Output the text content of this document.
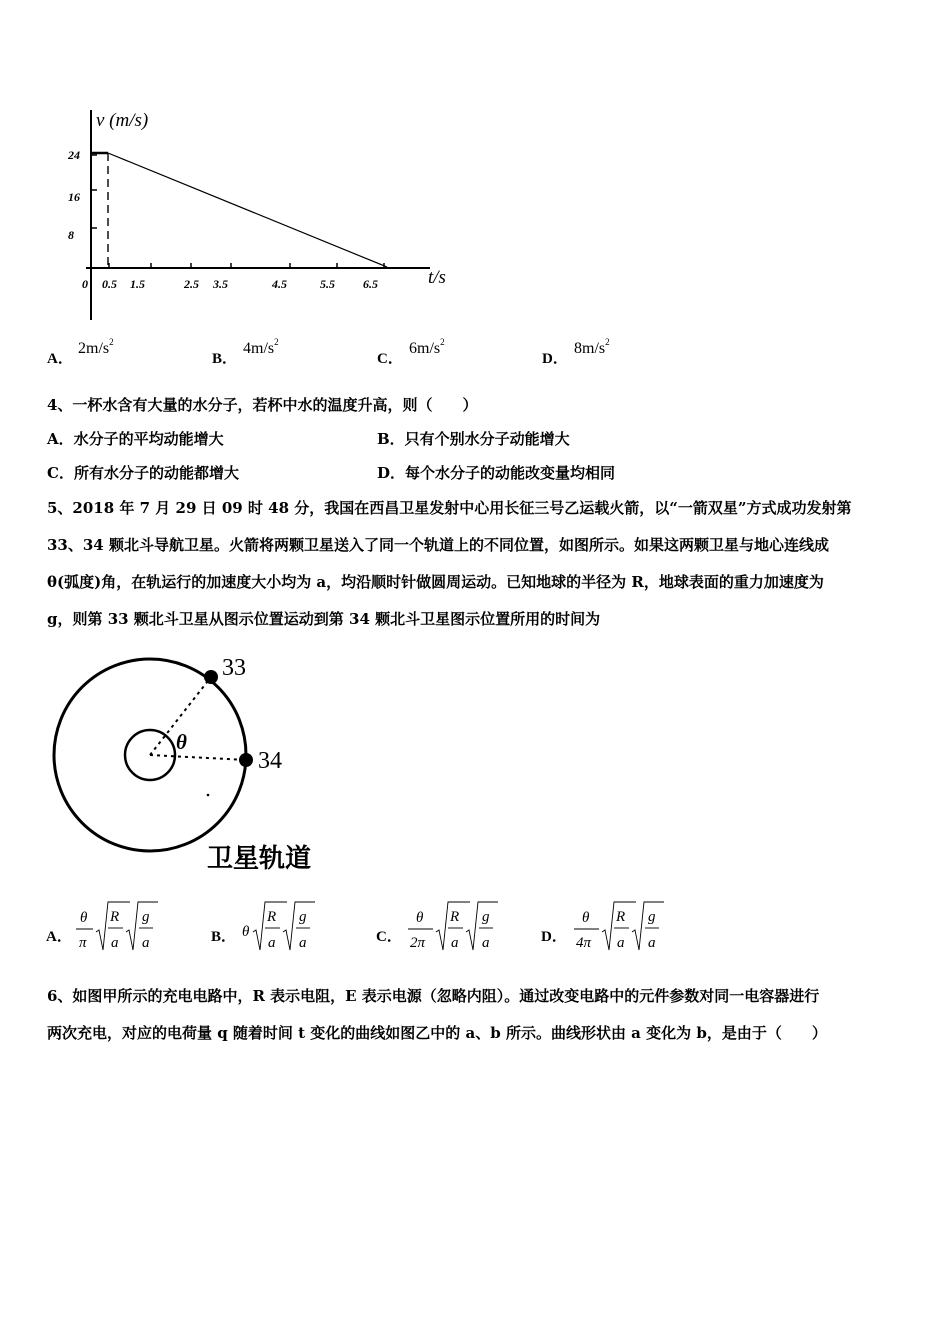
v (m/s)
t/s
0
24
16
8
0.5 1.5	2.5 3.5	4.5	5.5 6.5
A．
$2m/s^2$
B．
$4m/s^2$
C．
$6m/s^2$
D．
$8m/s^2$
4、一杯水含有大量的水分子，若杯中水的温度升高，则（　　）
A．水分子的平均动能增大	B．只有个别水分子动能增大
C．所有水分子的动能都增大	D．每个水分子的动能改变量均相同
5、2018 年 7 月 29 日 09 时 48 分，我国在西昌卫星发射中心用长征三号乙运载火箭，以“一箭双星”方式成功发射第
33、34 颗北斗导航卫星。火箭将两颗卫星送入了同一个轨道上的不同位置，如图所示。如果这两颗卫星与地心连线成
θ(弧度)角，在轨运行的加速度大小均为 a，均沿顺时针做圆周运动。已知地球的半径为 R，地球表面的重力加速度为
g，则第 33 颗北斗卫星从图示位置运动到第 34 颗北斗卫星图示位置所用的时间为
33
34
θ
卫星轨道
A．
θ
π
R
a
g
a	B． θ
R
a
g
a	C．
θ
2π
R
a
g
a	D．
θ
4π
R
a
g
a
6、如图甲所示的充电电路中，R 表示电阻，E 表示电源（忽略内阻）。通过改变电路中的元件参数对同一电容器进行
两次充电，对应的电荷量 q 随着时间 t 变化的曲线如图乙中的 a、b 所示。曲线形状由 a 变化为 b，是由于（　　）
